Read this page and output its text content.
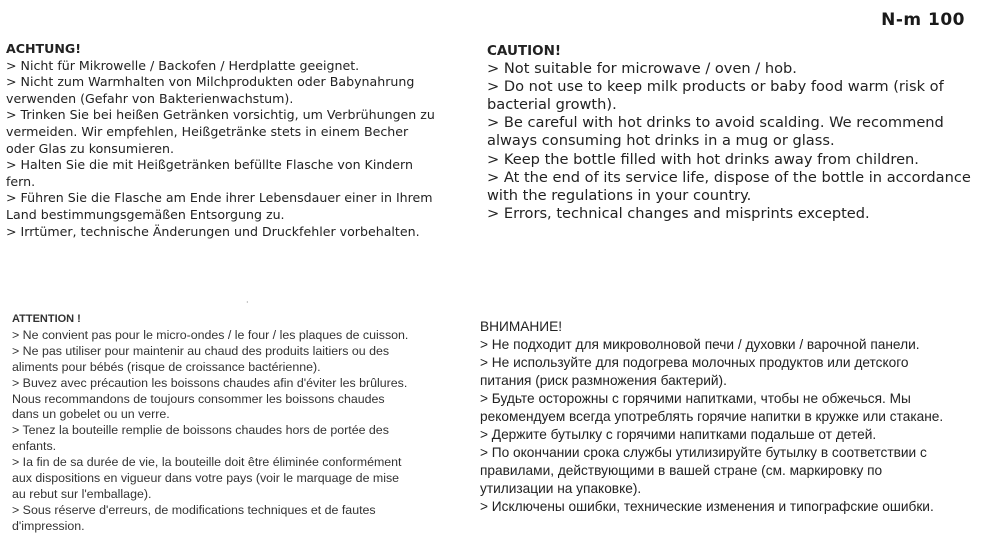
N-m 100
ACHTUNG!
> Nicht für Mikrowelle / Backofen / Herdplatte geeignet.
> Nicht zum Warmhalten von Milchprodukten oder Babynahrung
verwenden (Gefahr von Bakterienwachstum).
> Trinken Sie bei heißen Getränken vorsichtig, um Verbrühungen zu
vermeiden. Wir empfehlen, Heißgetränke stets in einem Becher
oder Glas zu konsumieren.
> Halten Sie die mit Heißgetränken befüllte Flasche von Kindern
fern.
> Führen Sie die Flasche am Ende ihrer Lebensdauer einer in Ihrem
Land bestimmungsgemäßen Entsorgung zu.
> Irrtümer, technische Änderungen und Druckfehler vorbehalten.
CAUTION!
> Not suitable for microwave / oven / hob.
> Do not use to keep milk products or baby food warm (risk of
bacterial growth).
> Be careful with hot drinks to avoid scalding. We recommend
always consuming hot drinks in a mug or glass.
> Keep the bottle filled with hot drinks away from children.
> At the end of its service life, dispose of the bottle in accordance
with the regulations in your country.
> Errors, technical changes and misprints excepted.
·
ATTENTION !
> Ne convient pas pour le micro-ondes / le four / les plaques de cuisson.
> Ne pas utiliser pour maintenir au chaud des produits laitiers ou des
aliments pour bébés (risque de croissance bactérienne).
> Buvez avec précaution les boissons chaudes afin d'éviter les brûlures.
Nous recommandons de toujours consommer les boissons chaudes
dans un gobelet ou un verre.
> Tenez la bouteille remplie de boissons chaudes hors de portée des
enfants.
> Ia fin de sa durée de vie, la bouteille doit être éliminée conformément
aux dispositions en vigueur dans votre pays (voir le marquage de mise
au rebut sur l'emballage).
> Sous réserve d'erreurs, de modifications techniques et de fautes
d'impression.
ВНИМАНИЕ!
> Не подходит для микроволновой печи / духовки / варочной панели.
> Не используйте для подогрева молочных продуктов или детского
питания (риск размножения бактерий).
> Будьте осторожны с горячими напитками, чтобы не обжечься. Мы
рекомендуем всегда употреблять горячие напитки в кружке или стакане.
> Держите бутылку с горячими напитками подальше от детей.
> По окончании срока службы утилизируйте бутылку в соответствии с
правилами, действующими в вашей стране (см. маркировку по
утилизации на упаковке).
> Исключены ошибки, технические изменения и типографские ошибки.
